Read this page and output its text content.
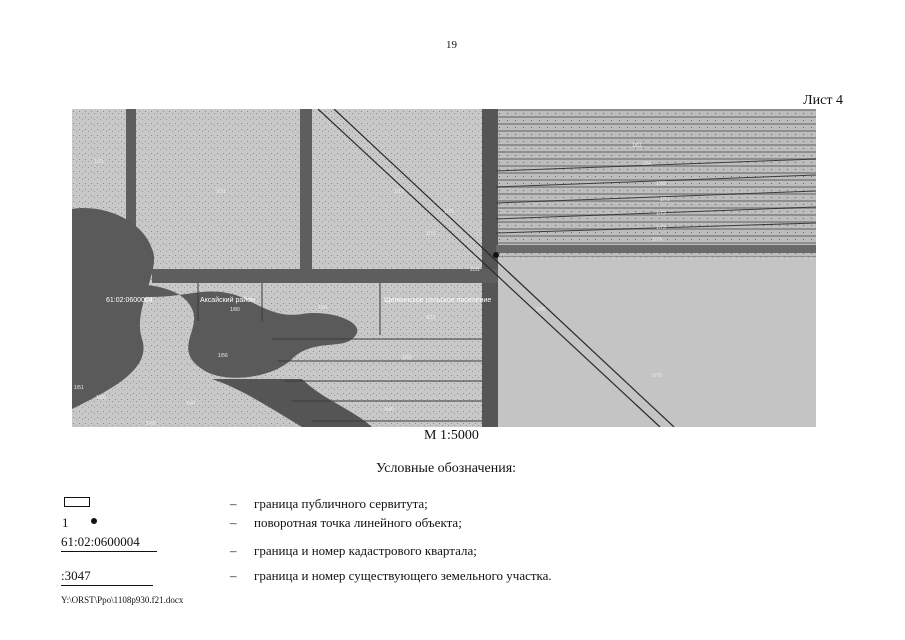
19
Лист 4
61:02:0600004	Аксайский район	Щепкинское сельское поселение
1/31
3/31	1/17
1/75
1/76
2/31
1/80	1/81
4/15
1/61
1/64
1/69
1/71
1/72
1/73
1/74
2/45
1/79
1/56	1/50
1/40
1/60
1/43
1/47
1/51
М 1:5000
Условные обозначения:
– граница публичного сервитута;
1	– поворотная точка линейного объекта;
61:02:0600004
– граница и номер кадастрового квартала;
:3047	– граница и номер существующего земельного участка.
Y:\ORST\Ppo\1108p930.f21.docx
